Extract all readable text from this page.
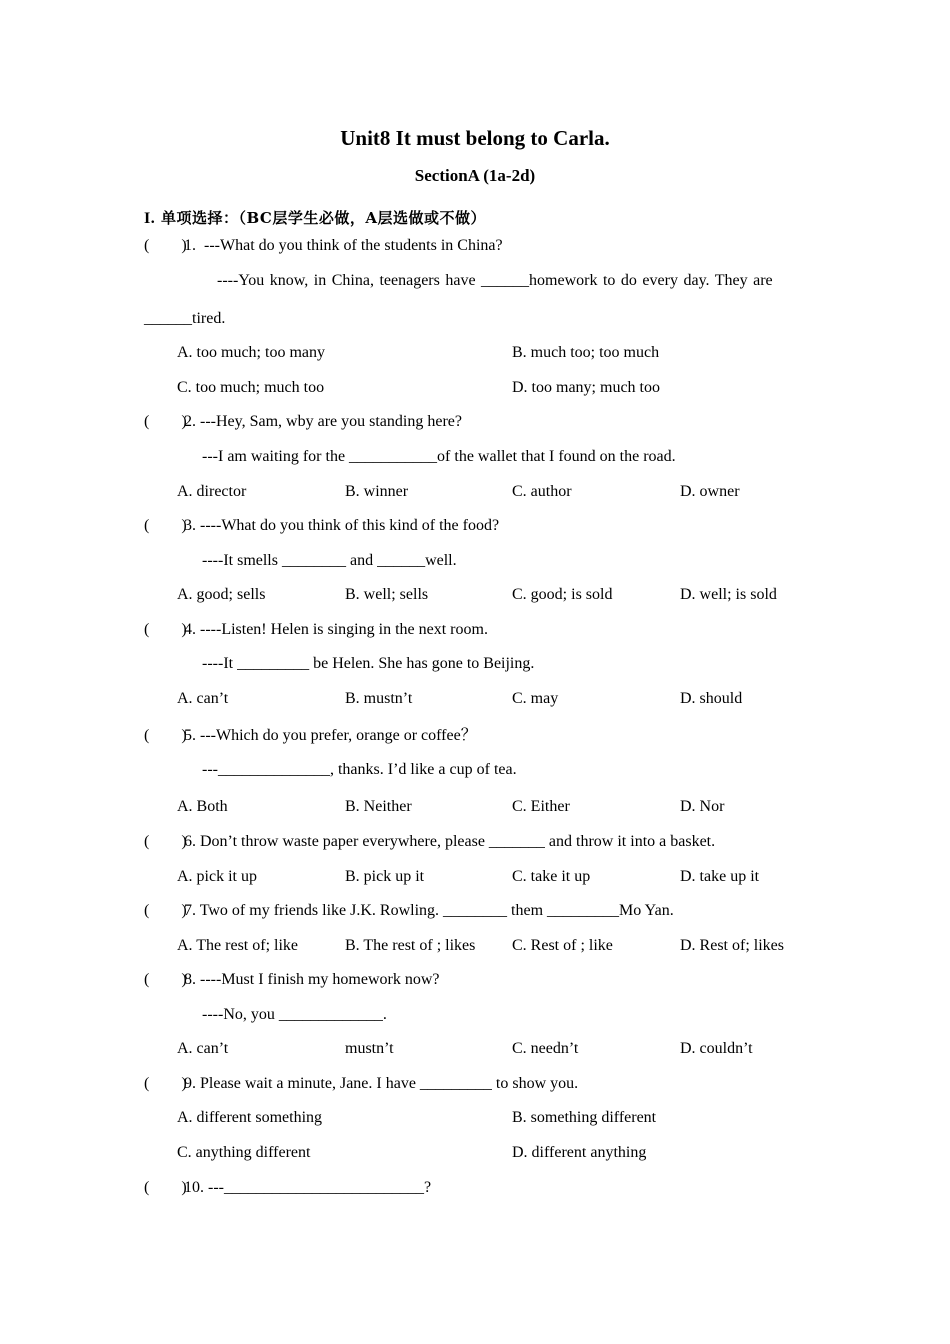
Unit8 It must belong to Carla.
SectionA (1a-2d)
I. 单项选择：（BC层学生必做，A层选做或不做）
(        )
1.  ---What do you think of the students in China?
----You know, in China, teenagers have ______homework to do every day. They are
______tired.
A. too much; too many	B. much too; too much
C. too much; much too	D. too many; much too
(        )
2. ---Hey, Sam, wby are you standing here?
---I am waiting for the ___________of the wallet that I found on the road.
A. director	B. winner	C. author	D. owner
(        )
3. ----What do you think of this kind of the food?
----It smells ________ and ______well.
A. good; sells	B. well; sells	C. good; is sold	D. well; is sold
(        )
4. ----Listen! Helen is singing in the next room.
----It _________ be Helen. She has gone to Beijing.
A. can’t	B. mustn’t	C. may	D. should
(        )
5. ---Which do you prefer, orange or coffee？
---______________, thanks. I’d like a cup of tea.
A. Both	B. Neither	C. Either	D. Nor
(        )
6. Don’t throw waste paper everywhere, please _______ and throw it into a basket.
A. pick it up	B. pick up it	C. take it up	D. take up it
(        )
7. Two of my friends like J.K. Rowling. ________ them _________Mo Yan.
A. The rest of; like	B. The rest of ; likes C. Rest of ; like	D. Rest of; likes
(        )
8. ----Must I finish my homework now?
----No, you _____________.
A. can’t	mustn’t	C. needn’t	D. couldn’t
(        )
9. Please wait a minute, Jane. I have _________ to show you.
A. different something	B. something different
C. anything different	D. different anything
(        )
10. ---_________________________?
